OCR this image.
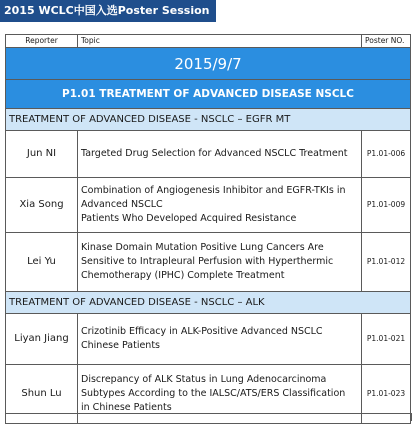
2015 WCLC中国入选Poster Session
Reporter	Topic	Poster NO.
2015/9/7		
P1.01 TREATMENT OF ADVANCED DISEASE NSCLC		
TREATMENT OF ADVANCED DISEASE - NSCLC – EGFR MT		
Jun NI	Targeted Drug Selection for Advanced NSCLC Treatment	P1.01-006
Xia Song	Combination of Angiogenesis Inhibitor and EGFR-TKIs in
Advanced NSCLC
Patients Who Developed Acquired Resistance	P1.01-009
Lei Yu	Kinase Domain Mutation Positive Lung Cancers Are
Sensitive to Intrapleural Perfusion with Hyperthermic
Chemotherapy (IPHC) Complete Treatment	P1.01-012
TREATMENT OF ADVANCED DISEASE - NSCLC – ALK		
Liyan Jiang	Crizotinib Efficacy in ALK-Positive Advanced NSCLC
Chinese Patients	P1.01-021
Shun Lu	Discrepancy of ALK Status in Lung Adenocarcinoma
Subtypes According to the IALSC/ATS/ERS Classification
in Chinese Patients	P1.01-023
